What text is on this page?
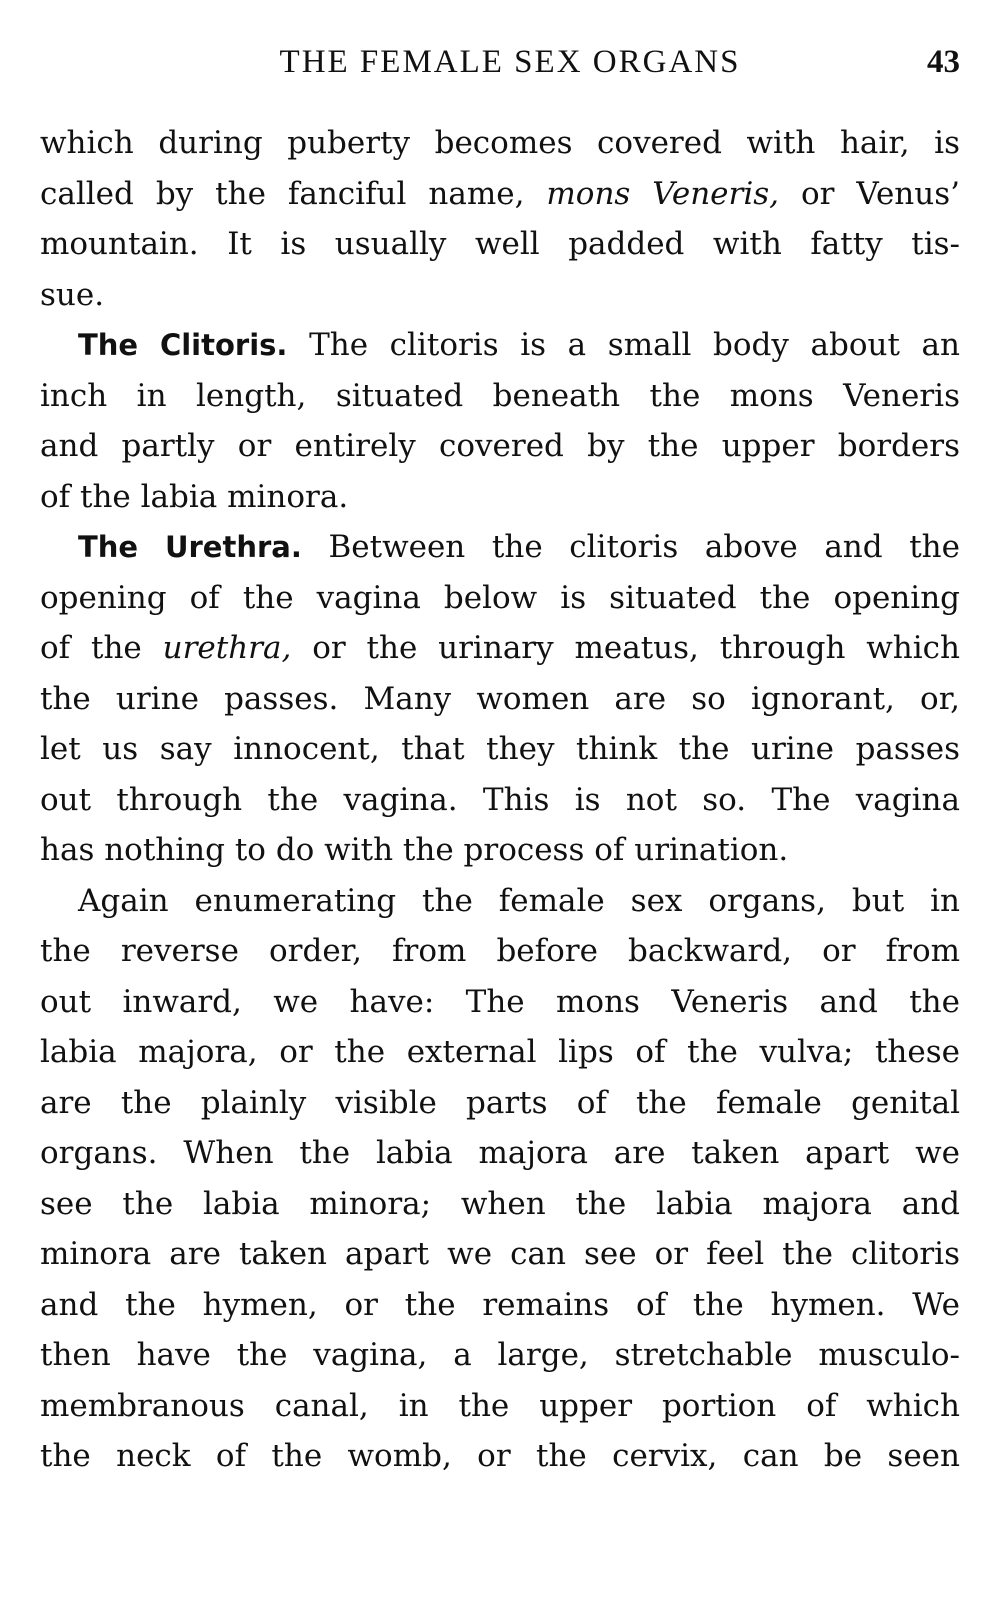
THE FEMALE SEX ORGANS	43
which during puberty becomes covered with hair, is
called by the fanciful name, mons Veneris, or Venus’
mountain. It is usually well padded with fatty tis-
sue.
The Clitoris. The clitoris is a small body about an
inch in length, situated beneath the mons Veneris
and partly or entirely covered by the upper borders
of the labia minora.
The Urethra. Between the clitoris above and the
opening of the vagina below is situated the opening
of the urethra, or the urinary meatus, through which
the urine passes. Many women are so ignorant, or,
let us say innocent, that they think the urine passes
out through the vagina. This is not so. The vagina
has nothing to do with the process of urination.
Again enumerating the female sex organs, but in
the reverse order, from before backward, or from
out inward, we have: The mons Veneris and the
labia majora, or the external lips of the vulva; these
are the plainly visible parts of the female genital
organs. When the labia majora are taken apart we
see the labia minora; when the labia majora and
minora are taken apart we can see or feel the clitoris
and the hymen, or the remains of the hymen. We
then have the vagina, a large, stretchable musculo-
membranous canal, in the upper portion of which
the neck of the womb, or the cervix, can be seen
